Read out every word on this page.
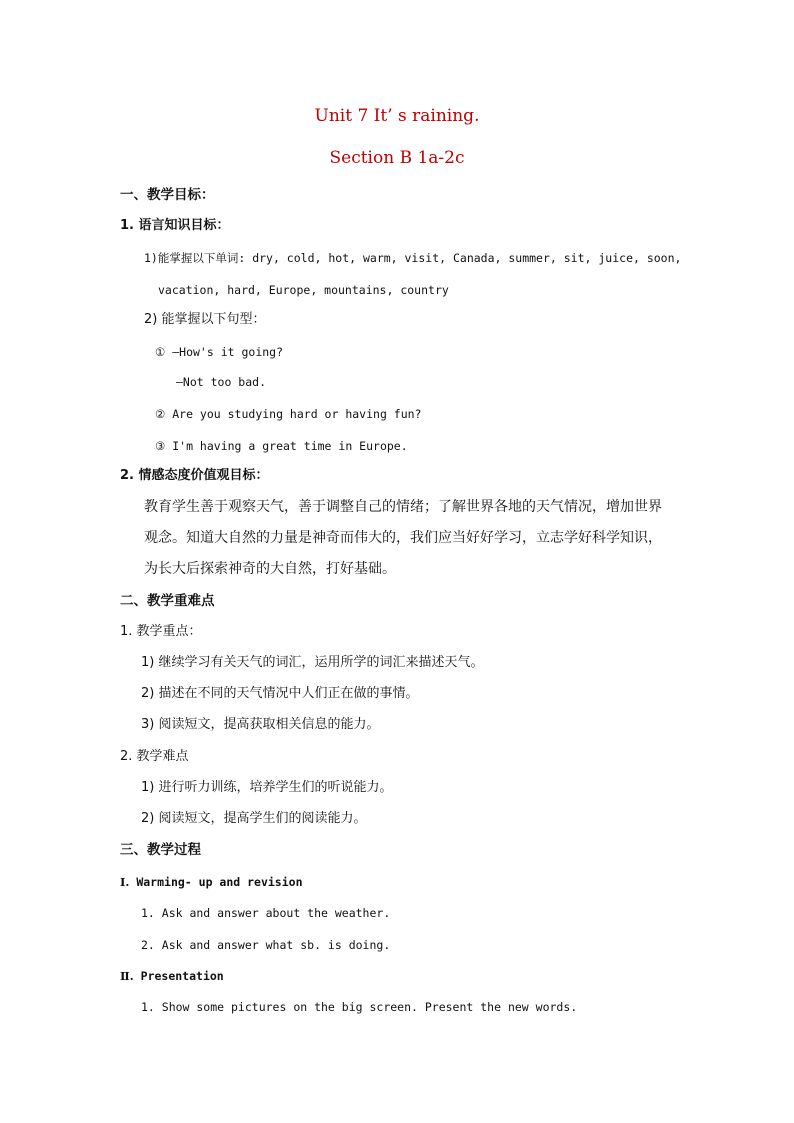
Unit 7 It’ s raining.
Section B 1a-2c
一、教学目标：
1. 语言知识目标：
1)能掌握以下单词: dry, cold, hot, warm, visit, Canada, summer, sit, juice, soon,
vacation, hard, Europe, mountains, country
2) 能掌握以下句型：
① —How's it going?
—Not too bad.
② Are you studying hard or having fun?
③ I'm having a great time in Europe.
2. 情感态度价值观目标：
教育学生善于观察天气，善于调整自己的情绪；了解世界各地的天气情况，增加世界观念。知道大自然的力量是神奇而伟大的，我们应当好好学习，立志学好科学知识，为长大后探索神奇的大自然，打好基础。
二、教学重难点
1. 教学重点：
1) 继续学习有关天气的词汇，运用所学的词汇来描述天气。
2) 描述在不同的天气情况中人们正在做的事情。
3) 阅读短文，提高获取相关信息的能力。
2. 教学难点
1) 进行听力训练，培养学生们的听说能力。
2) 阅读短文，提高学生们的阅读能力。
三、教学过程
Ⅰ. Warming- up and revision
1. Ask and answer about the weather.
2. Ask and answer what sb. is doing.
Ⅱ. Presentation
1. Show some pictures on the big screen. Present the new words.
